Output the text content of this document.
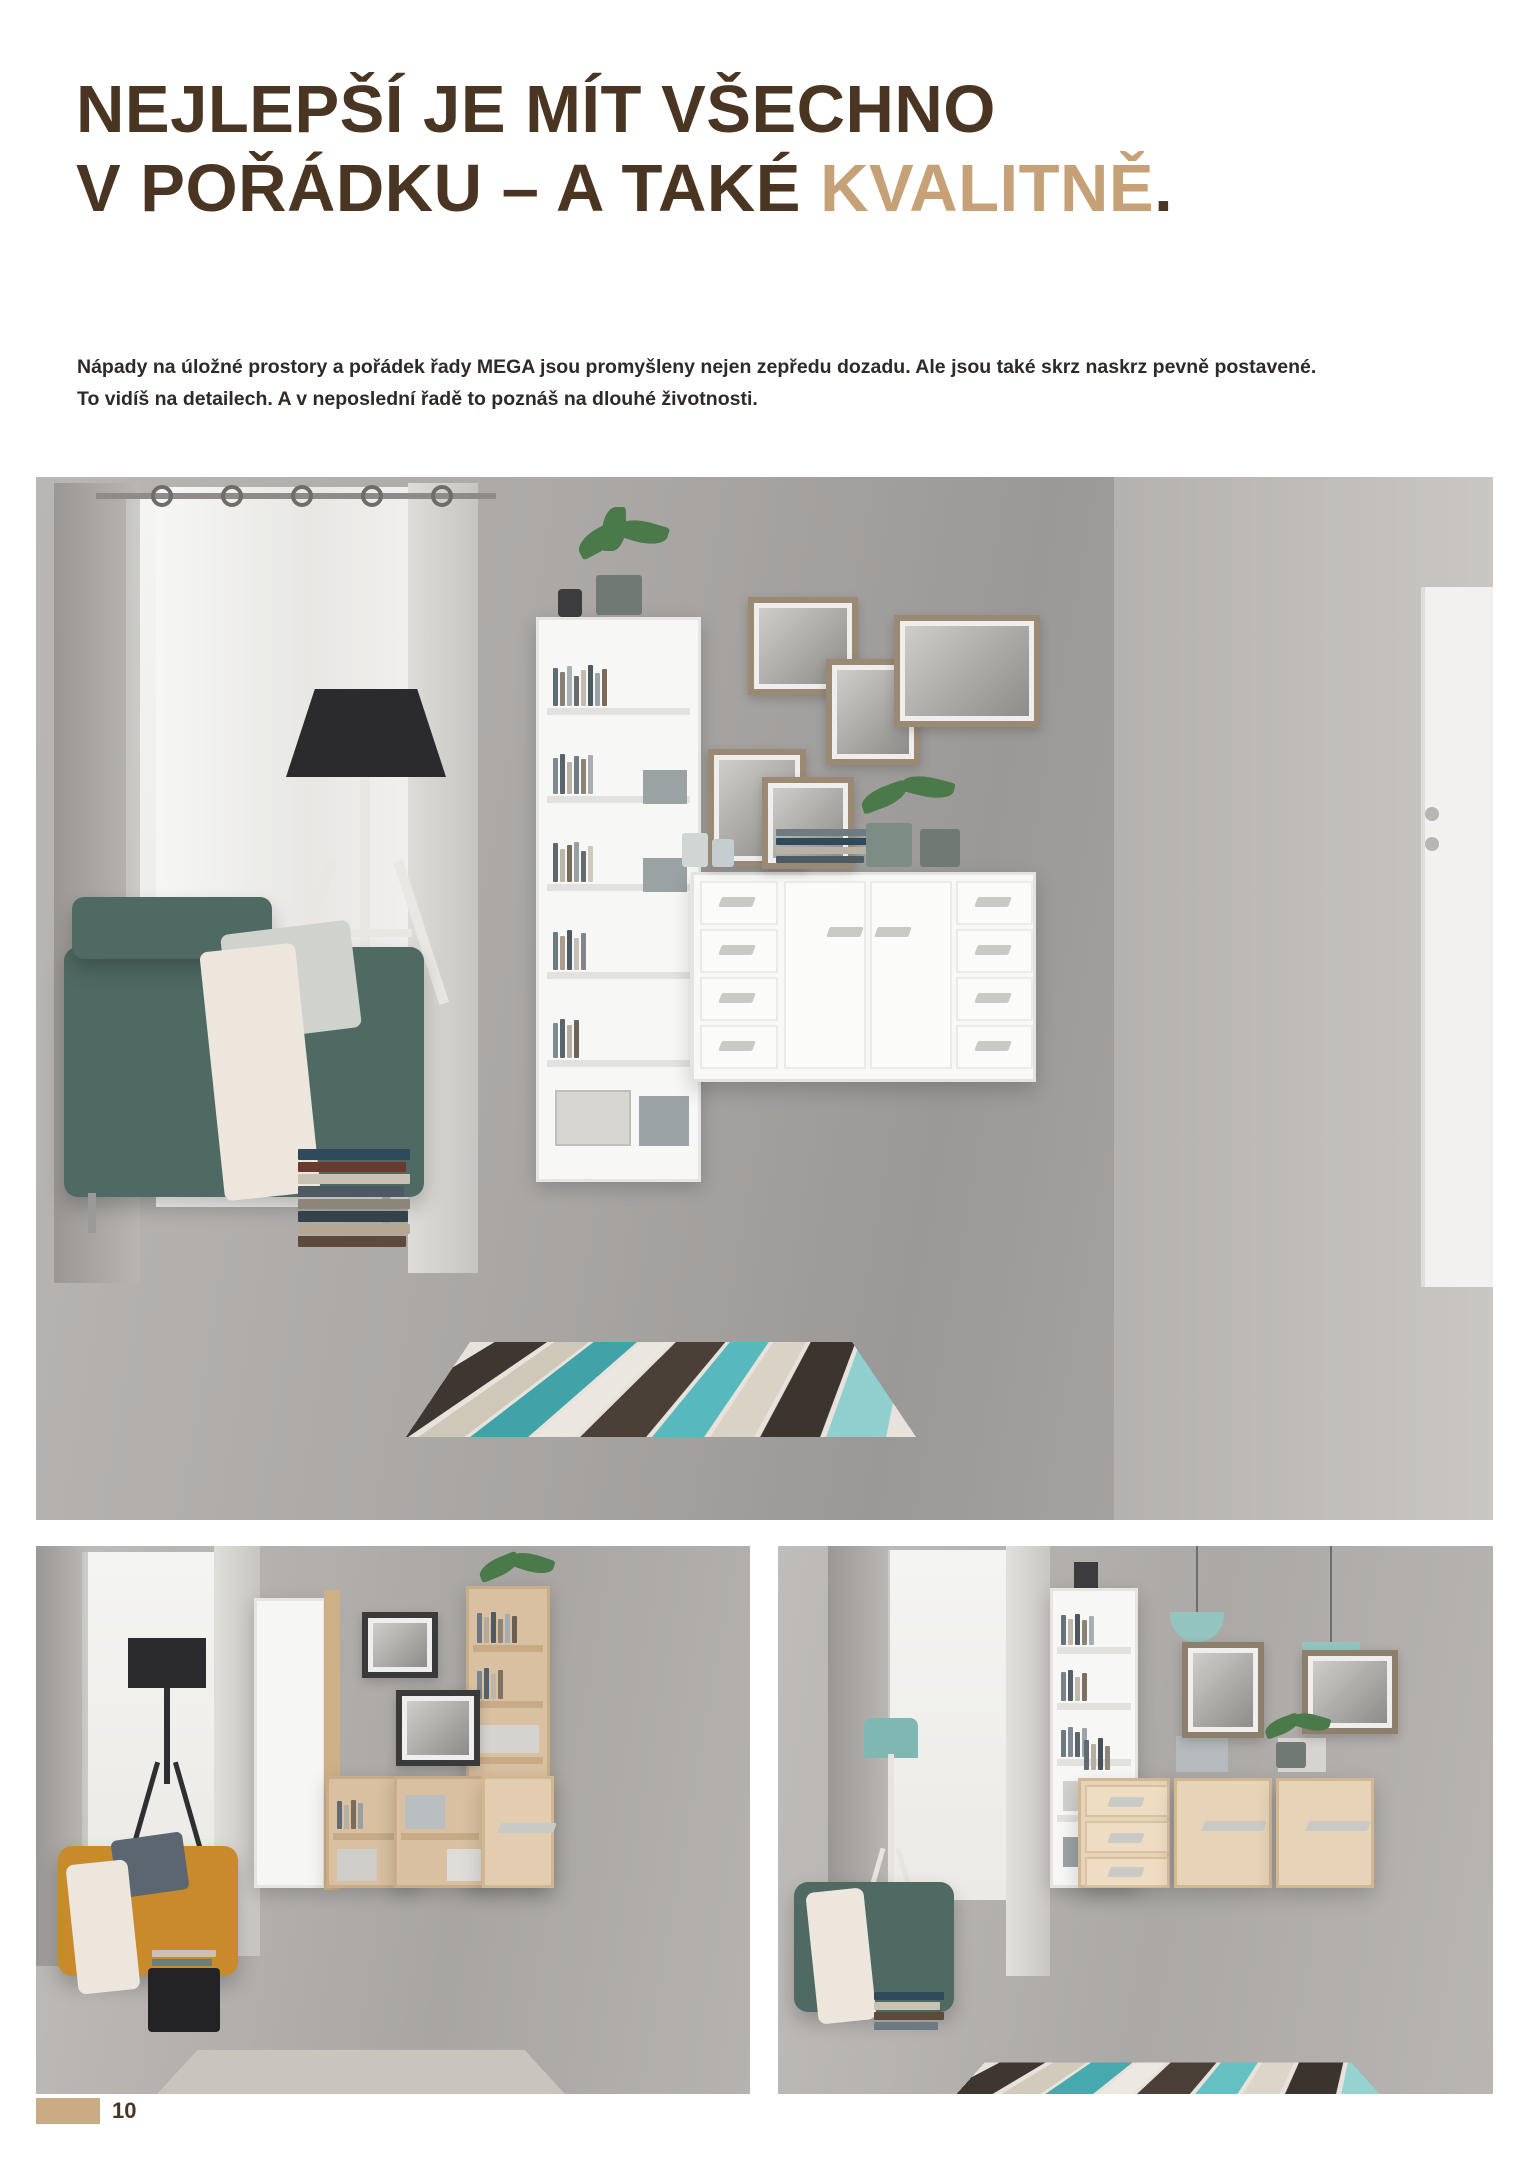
NEJLEPŠÍ JE MÍT VŠECHNO
V POŘÁDKU – A TAKÉ KVALITNĚ.

Nápady na úložné prostory a pořádek řady MEGA jsou promyšleny nejen zepředu dozadu. Ale jsou také skrz naskrz pevně postavené. To vidíš na detailech. A v neposlední řadě to poznáš na dlouhé životnosti.

10
